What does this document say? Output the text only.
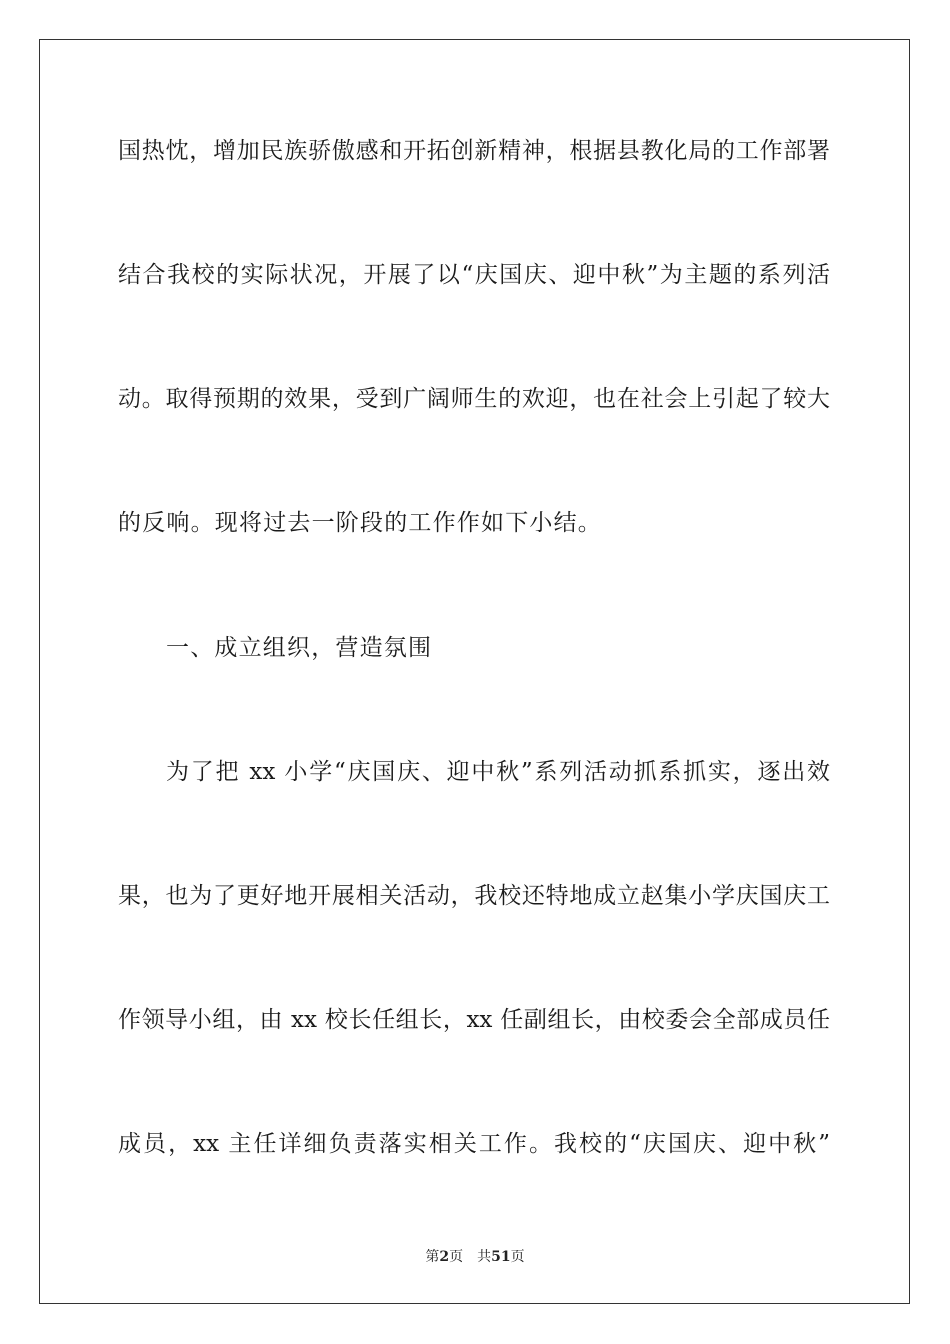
国热忱，增加民族骄傲感和开拓创新精神，根据县教化局的工作部署
结合我校的实际状况，开展了以“庆国庆、迎中秋”为主题的系列活
动。取得预期的效果，受到广阔师生的欢迎，也在社会上引起了较大
的反响。现将过去一阶段的工作作如下小结。
一、成立组织，营造氛围
为了把 xx 小学“庆国庆、迎中秋”系列活动抓系抓实，逐出效
果，也为了更好地开展相关活动，我校还特地成立赵集小学庆国庆工
作领导小组，由 xx 校长任组长，xx 任副组长，由校委会全部成员任
成员，xx 主任详细负责落实相关工作。我校的“庆国庆、迎中秋”
第2页 共51页
